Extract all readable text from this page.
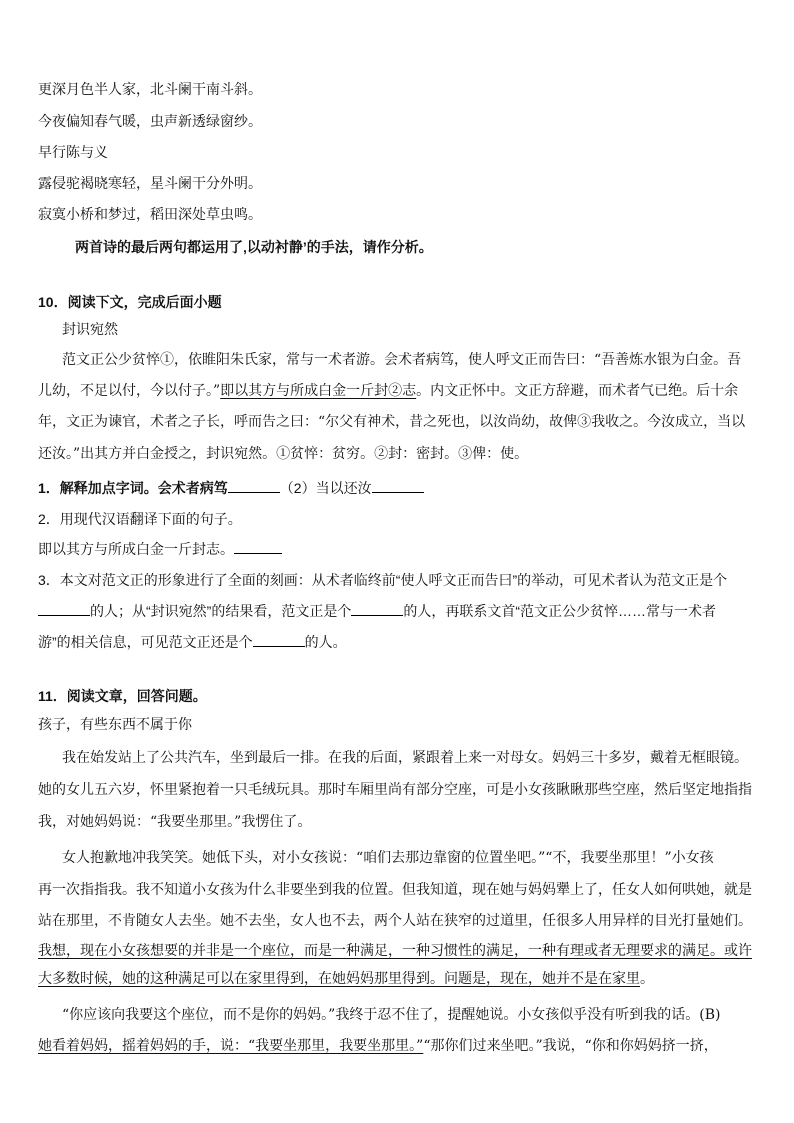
更深月色半人家，北斗阑干南斗斜。
今夜偏知春气暖，虫声新透绿窗纱。
早行陈与义
露侵驼褐晓寒轻，星斗阑干分外明。
寂寞小桥和梦过，稻田深处草虫鸣。
两首诗的最后两句都运用了‚以动衬静’的手法，请作分析。
10．阅读下文，完成后面小题
封识宛然
范文正公少贫悴①，依睢阳朱氏家，常与一术者游。会术者病笃，使人呼文正而告曰：“吾善炼水银为白金。吾
儿幼，不足以付，今以付子。”即以其方与所成白金一斤封②志。内文正怀中。文正方辞避，而术者气已绝。后十余
年，文正为谏官，术者之子长，呼而告之曰：“尔父有神术，昔之死也，以汝尚幼，故俾③我收之。今汝成立，当以
还汝。”出其方并白金授之，封识宛然。①贫悴：贫穷。②封：密封。③俾：使。
1．解释加点字词。会术者病笃	（2）当以还汝
2．用现代汉语翻译下面的句子。
即以其方与所成白金一斤封志。
3．本文对范文正的形象进行了全面的刻画：从术者临终前“使人呼文正而告曰”的举动，可见术者认为范文正是个
的人；从“封识宛然”的结果看，范文正是个	的人，再联系文首“范文正公少贫悴……常与一术者
游”的相关信息，可见范文正还是个	的人。
11．阅读文章，回答问题。
孩子，有些东西不属于你
我在始发站上了公共汽车，坐到最后一排。在我的后面，紧跟着上来一对母女。妈妈三十多岁，戴着无框眼镜。
她的女儿五六岁，怀里紧抱着一只毛绒玩具。那时车厢里尚有部分空座，可是小女孩瞅瞅那些空座，然后坚定地指指
我，对她妈妈说：“我要坐那里。”我愣住了。
女人抱歉地冲我笑笑。她低下头，对小女孩说：“咱们去那边靠窗的位置坐吧。”“不，我要坐那里！”小女孩
再一次指指我。我不知道小女孩为什么非要坐到我的位置。但我知道，现在她与妈妈犟上了，任女人如何哄她，就是
站在那里，不肯随女人去坐。她不去坐，女人也不去，两个人站在狭窄的过道里，任很多人用异样的目光打量她们。
我想，现在小女孩想要的并非是一个座位，而是一种满足，一种习惯性的满足，一种有理或者无理要求的满足。或许
大多数时候，她的这种满足可以在家里得到，在她妈妈那里得到。问题是，现在，她并不是在家里。
“你应该向我要这个座位，而不是你的妈妈。”我终于忍不住了，提醒她说。小女孩似乎没有听到我的话。(B)
她看着妈妈，摇着妈妈的手，说：“我要坐那里，我要坐那里。”“那你们过来坐吧。”我说，“你和你妈妈挤一挤，
